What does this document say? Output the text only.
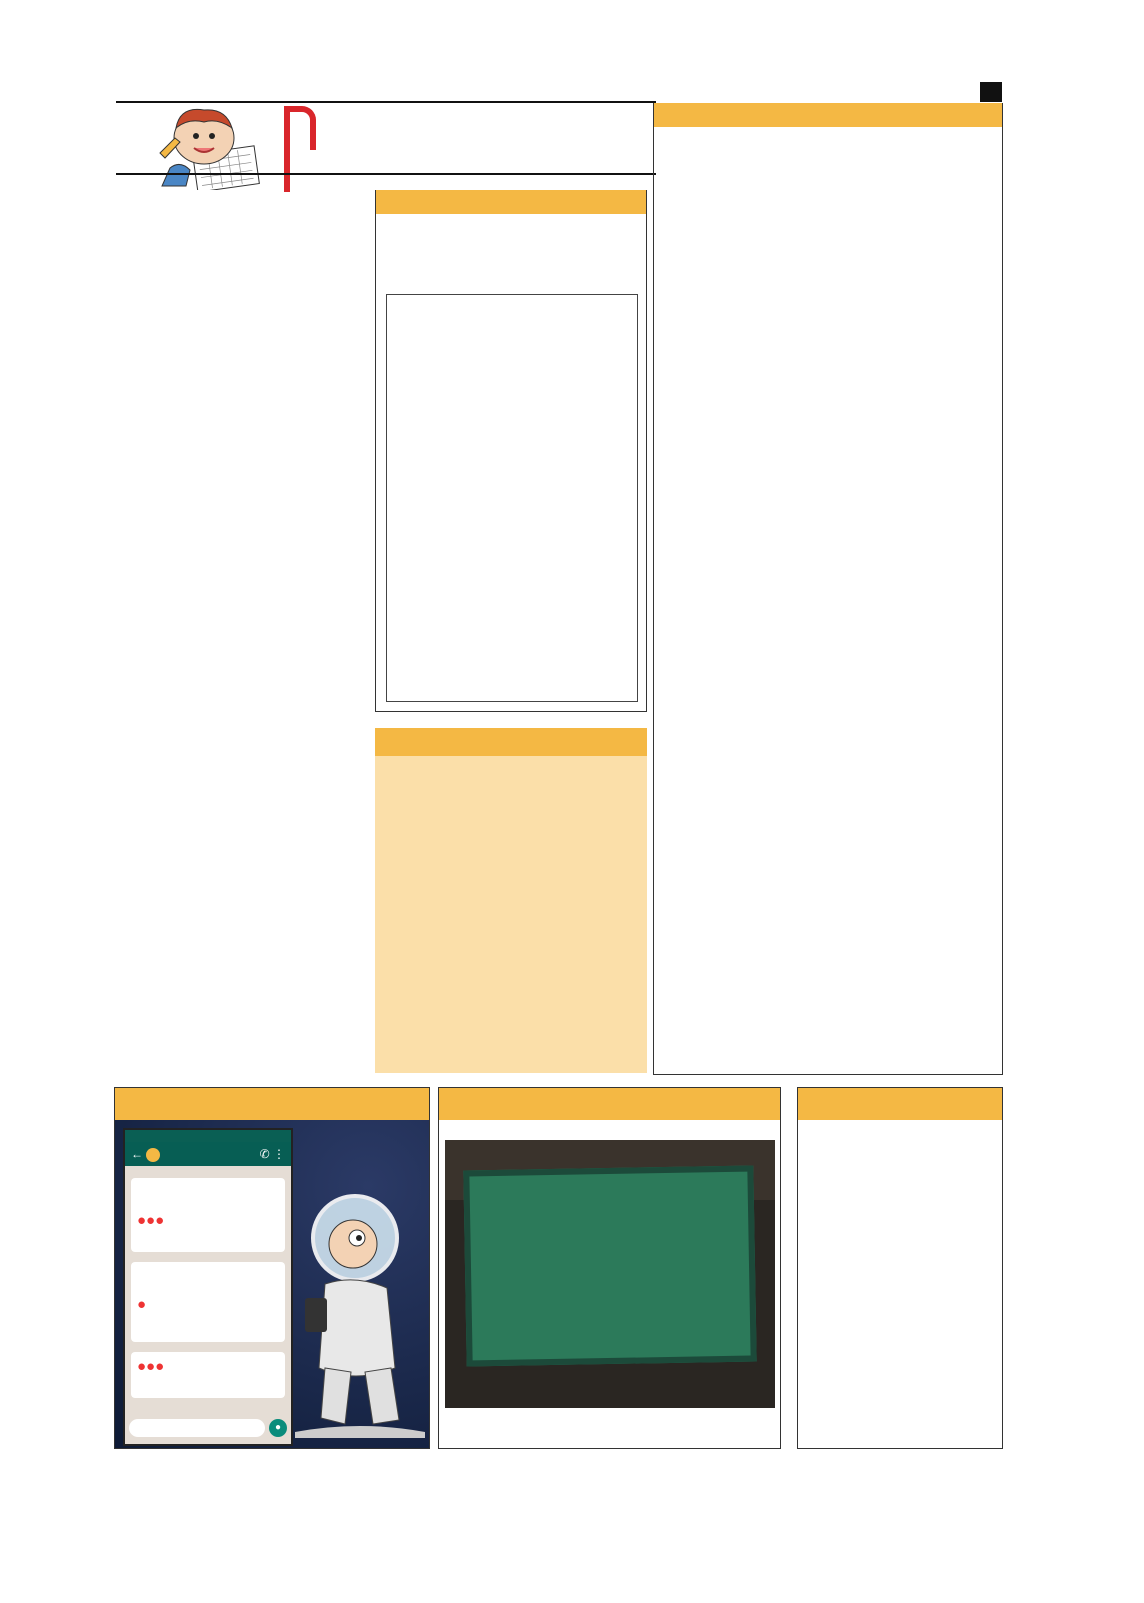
←	✆ ⋮

●●●

●

●●●
●
